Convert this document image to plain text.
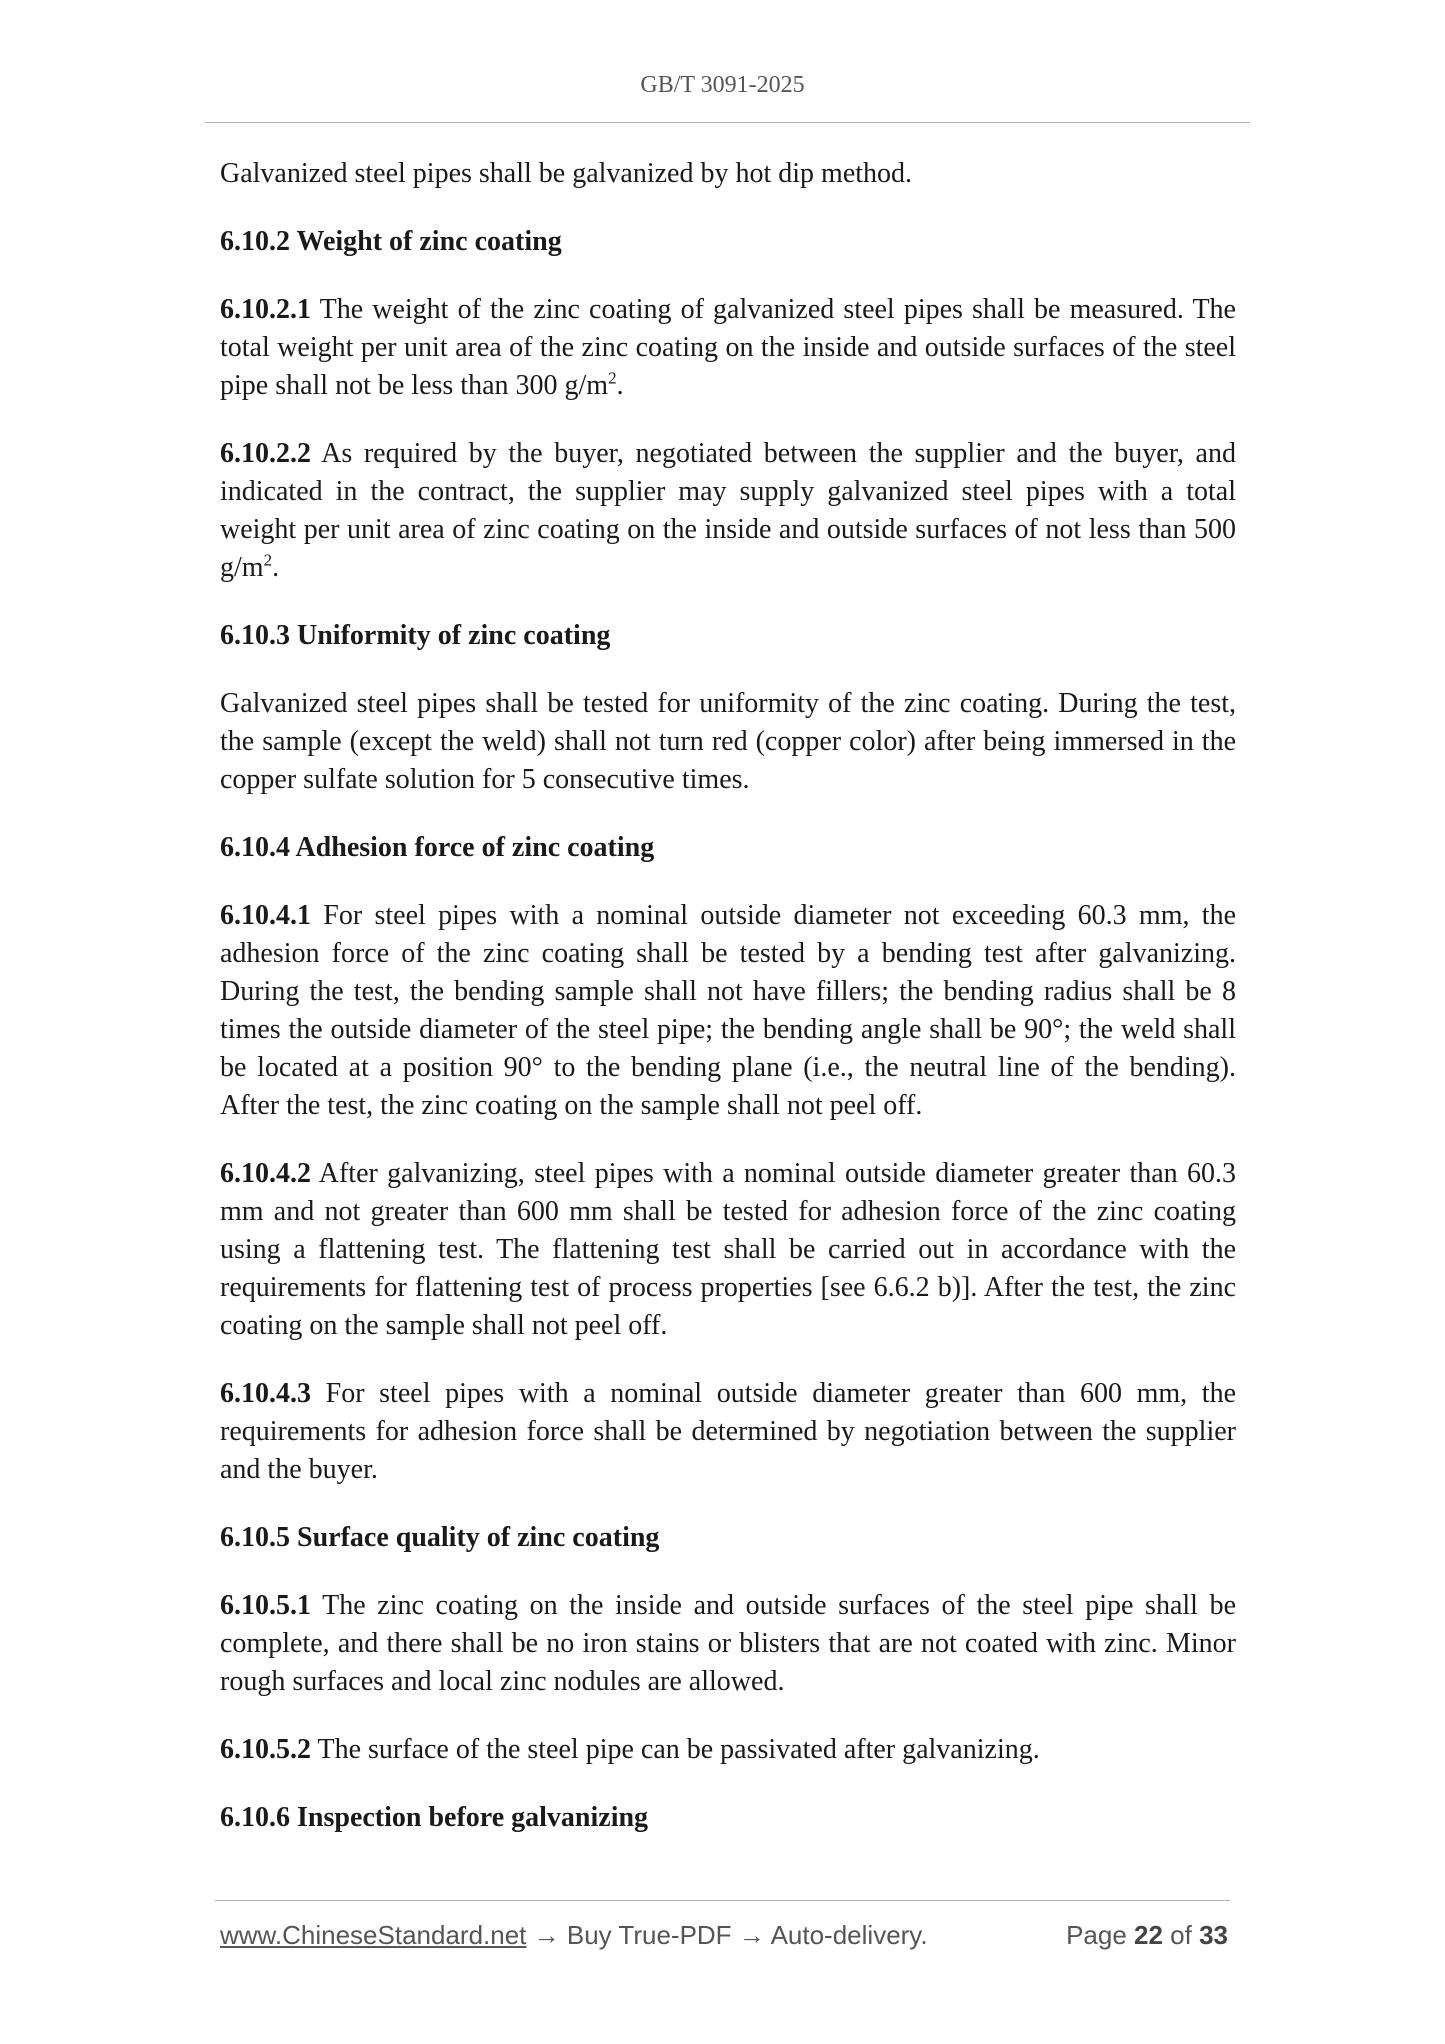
GB/T 3091-2025

Galvanized steel pipes shall be galvanized by hot dip method.

6.10.2 Weight of zinc coating

6.10.2.1 The weight of the zinc coating of galvanized steel pipes shall be measured. The total weight per unit area of the zinc coating on the inside and outside surfaces of the steel pipe shall not be less than 300 $g/m^2$.

6.10.2.2 As required by the buyer, negotiated between the supplier and the buyer, and indicated in the contract, the supplier may supply galvanized steel pipes with a total weight per unit area of zinc coating on the inside and outside surfaces of not less than 500 $g/m^2$.

6.10.3 Uniformity of zinc coating

Galvanized steel pipes shall be tested for uniformity of the zinc coating. During the test, the sample (except the weld) shall not turn red (copper color) after being immersed in the copper sulfate solution for 5 consecutive times.

6.10.4 Adhesion force of zinc coating

6.10.4.1 For steel pipes with a nominal outside diameter not exceeding 60.3 mm, the adhesion force of the zinc coating shall be tested by a bending test after galvanizing. During the test, the bending sample shall not have fillers; the bending radius shall be 8 times the outside diameter of the steel pipe; the bending angle shall be 90°; the weld shall be located at a position 90° to the bending plane (i.e., the neutral line of the bending). After the test, the zinc coating on the sample shall not peel off.

6.10.4.2 After galvanizing, steel pipes with a nominal outside diameter greater than 60.3 mm and not greater than 600 mm shall be tested for adhesion force of the zinc coating using a flattening test. The flattening test shall be carried out in accordance with the requirements for flattening test of process properties [see 6.6.2 b)]. After the test, the zinc coating on the sample shall not peel off.

6.10.4.3 For steel pipes with a nominal outside diameter greater than 600 mm, the requirements for adhesion force shall be determined by negotiation between the supplier and the buyer.

6.10.5 Surface quality of zinc coating

6.10.5.1 The zinc coating on the inside and outside surfaces of the steel pipe shall be complete, and there shall be no iron stains or blisters that are not coated with zinc. Minor rough surfaces and local zinc nodules are allowed.

6.10.5.2 The surface of the steel pipe can be passivated after galvanizing.

6.10.6 Inspection before galvanizing

www.ChineseStandard.net → Buy True-PDF → Auto-delivery.	Page 22 of 33
